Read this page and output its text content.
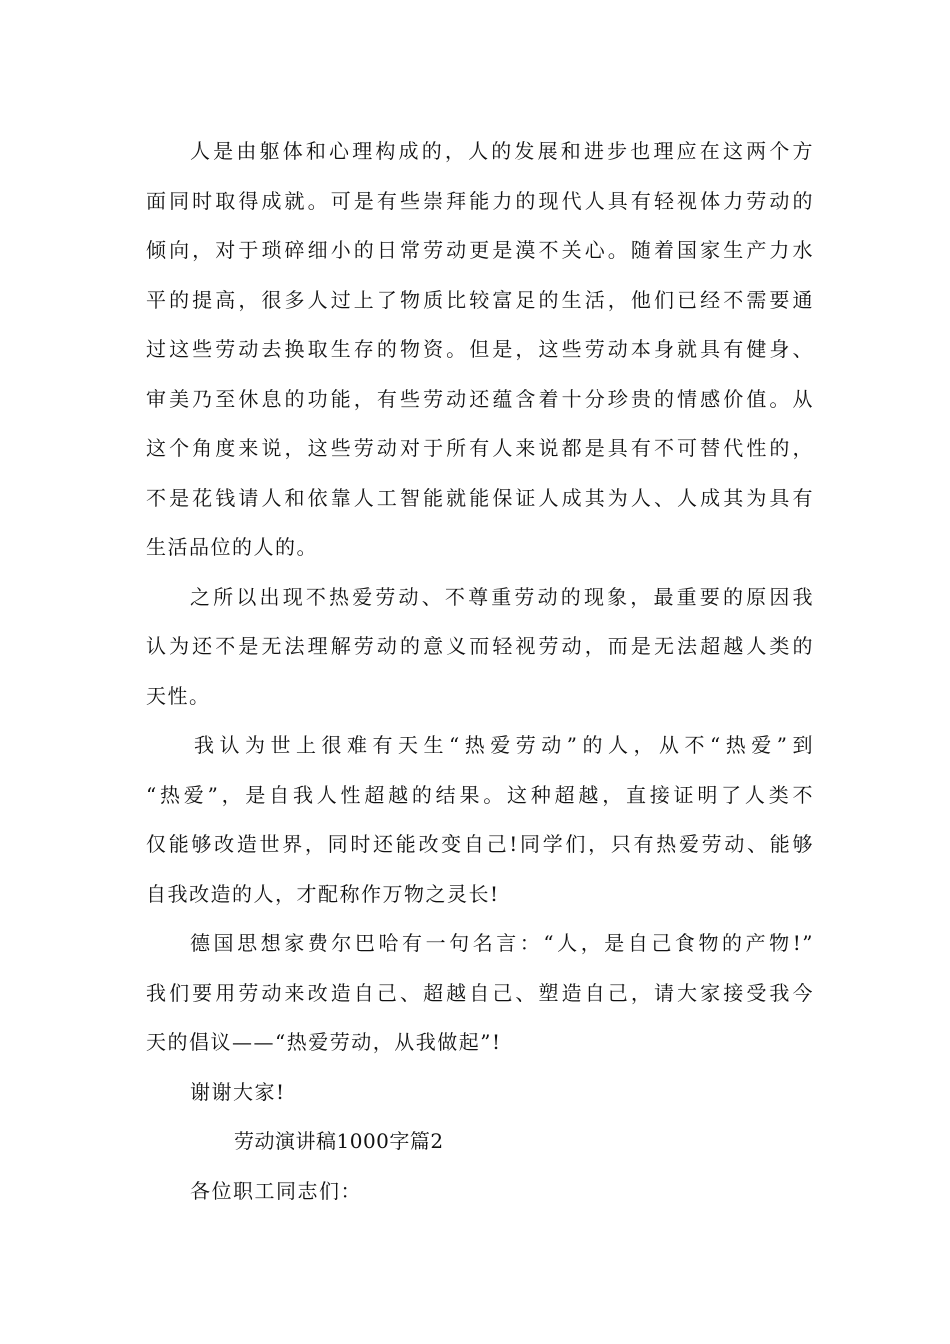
人是由躯体和心理构成的，人的发展和进步也理应在这两个方
面同时取得成就。可是有些崇拜能力的现代人具有轻视体力劳动的
倾向，对于琐碎细小的日常劳动更是漠不关心。随着国家生产力水
平的提高，很多人过上了物质比较富足的生活，他们已经不需要通
过这些劳动去换取生存的物资。但是，这些劳动本身就具有健身、
审美乃至休息的功能，有些劳动还蕴含着十分珍贵的情感价值。从
这个角度来说，这些劳动对于所有人来说都是具有不可替代性的，
不是花钱请人和依靠人工智能就能保证人成其为人、人成其为具有
生活品位的人的。
之所以出现不热爱劳动、不尊重劳动的现象，最重要的原因我
认为还不是无法理解劳动的意义而轻视劳动，而是无法超越人类的
天性。
我认为世上很难有天生“热爱劳动”的人，从不“热爱”到
“热爱”，是自我人性超越的结果。这种超越，直接证明了人类不
仅能够改造世界，同时还能改变自己!同学们，只有热爱劳动、能够
自我改造的人，才配称作万物之灵长!
德国思想家费尔巴哈有一句名言：“人，是自己食物的产物!”
我们要用劳动来改造自己、超越自己、塑造自己，请大家接受我今
天的倡议——“热爱劳动，从我做起”!
谢谢大家!
劳动演讲稿1000字篇2
各位职工同志们：
